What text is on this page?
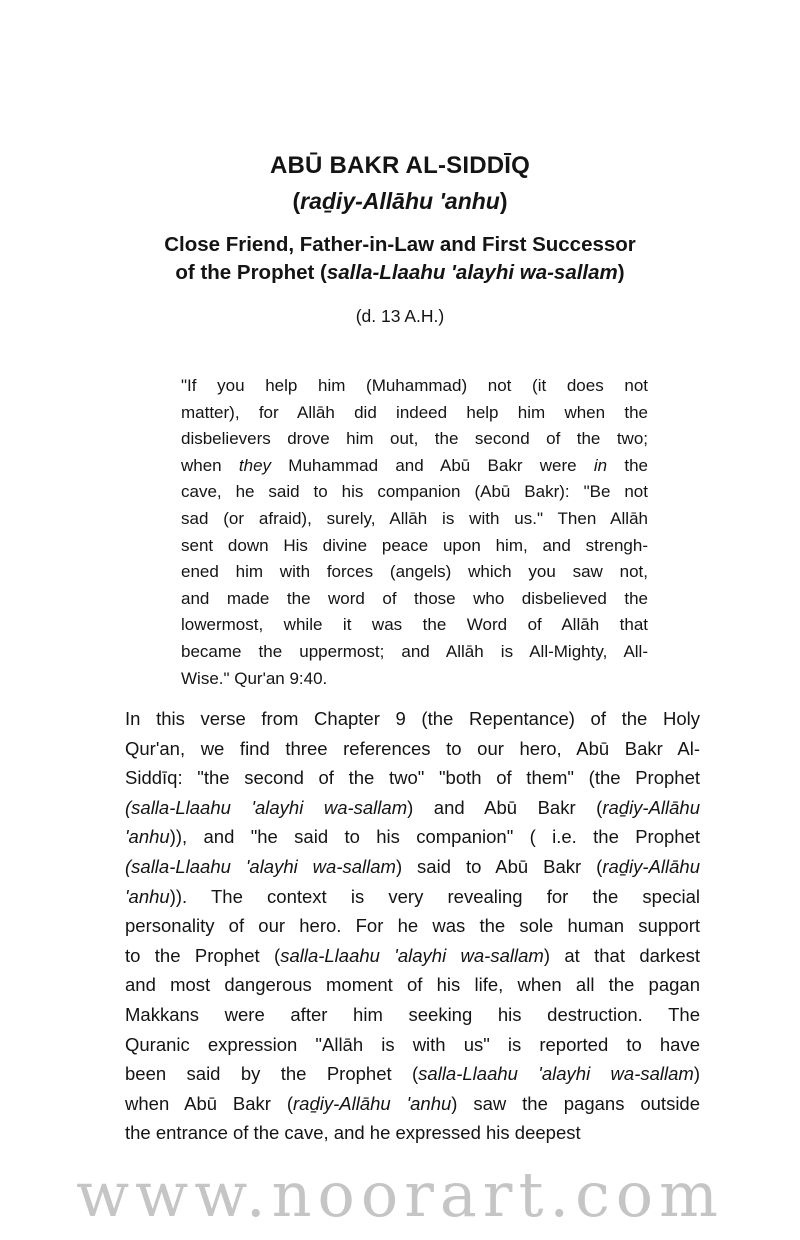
ABŪ BAKR AL-SIDDĪQ
(raḏiy-Allāhu 'anhu)
Close Friend, Father-in-Law and First Successor
of the Prophet (salla-Llaahu 'alayhi wa-sallam)
(d. 13 A.H.)
"If you help him (Muhammad) not (it does not
matter), for Allāh did indeed help him when the
disbelievers drove him out, the second of the two;
when they Muhammad and Abū Bakr were in the
cave, he said to his companion (Abū Bakr): "Be not
sad (or afraid), surely, Allāh is with us." Then Allāh
sent down His divine peace upon him, and strengh-
ened him with forces (angels) which you saw not,
and made the word of those who disbelieved the
lowermost, while it was the Word of Allāh that
became the uppermost; and Allāh is All-Mighty, All-
Wise." Qur'an 9:40.
In this verse from Chapter 9 (the Repentance) of the Holy
Qur'an, we find three references to our hero, Abū Bakr Al-
Siddīq: "the second of the two" "both of them" (the Prophet
(salla-Llaahu 'alayhi wa-sallam) and Abū Bakr (raḏiy-Allāhu
'anhu)), and "he said to his companion" ( i.e. the Prophet
(salla-Llaahu 'alayhi wa-sallam) said to Abū Bakr (raḏiy-Allāhu
'anhu)). The context is very revealing for the special
personality of our hero. For he was the sole human support
to the Prophet (salla-Llaahu 'alayhi wa-sallam) at that darkest
and most dangerous moment of his life, when all the pagan
Makkans were after him seeking his destruction. The
Quranic expression "Allāh is with us" is reported to have
been said by the Prophet (salla-Llaahu 'alayhi wa-sallam)
when Abū Bakr (raḏiy-Allāhu 'anhu) saw the pagans outside
the entrance of the cave, and he expressed his deepest
www.noorart.com
